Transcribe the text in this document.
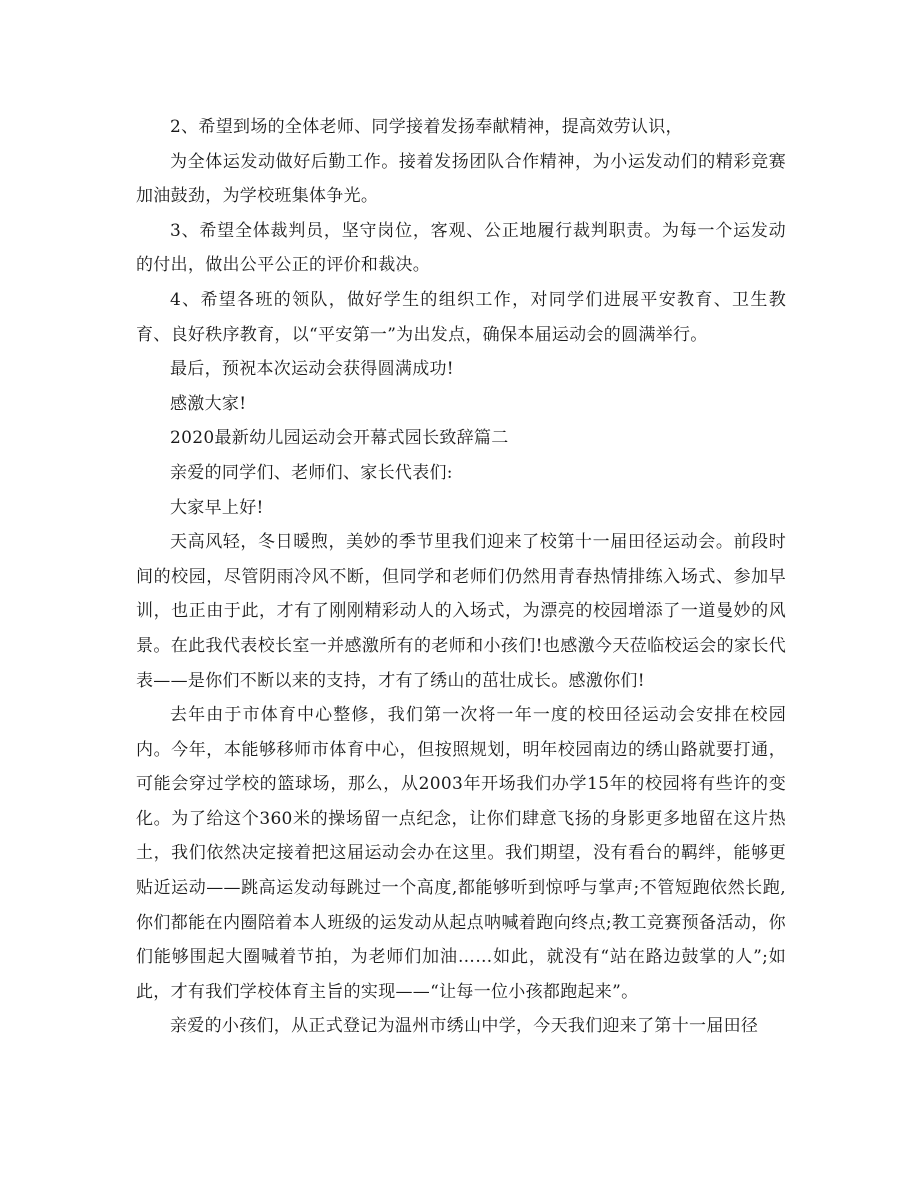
2、希望到场的全体老师、同学接着发扬奉献精神，提高效劳认识，

为全体运发动做好后勤工作。接着发扬团队合作精神，为小运发动们的精彩竞赛加油鼓劲，为学校班集体争光。

3、希望全体裁判员，坚守岗位，客观、公正地履行裁判职责。为每一个运发动的付出，做出公平公正的评价和裁决。

4、希望各班的领队，做好学生的组织工作，对同学们进展平安教育、卫生教育、良好秩序教育，以“平安第一”为出发点，确保本届运动会的圆满举行。

最后，预祝本次运动会获得圆满成功!

感激大家!

2020最新幼儿园运动会开幕式园长致辞篇二

亲爱的同学们、老师们、家长代表们:

大家早上好!

天高风轻，冬日暖煦，美妙的季节里我们迎来了校第十一届田径运动会。前段时间的校园，尽管阴雨冷风不断，但同学和老师们仍然用青春热情排练入场式、参加早训，也正由于此，才有了刚刚精彩动人的入场式，为漂亮的校园增添了一道曼妙的风景。在此我代表校长室一并感激所有的老师和小孩们!也感激今天莅临校运会的家长代表——是你们不断以来的支持，才有了绣山的茁壮成长。感激你们!

去年由于市体育中心整修，我们第一次将一年一度的校田径运动会安排在校园内。今年，本能够移师市体育中心，但按照规划，明年校园南边的绣山路就要打通，可能会穿过学校的篮球场，那么，从2003年开场我们办学15年的校园将有些许的变化。为了给这个360米的操场留一点纪念，让你们肆意飞扬的身影更多地留在这片热土，我们依然决定接着把这届运动会办在这里。我们期望，没有看台的羁绊，能够更贴近运动——跳高运发动每跳过一个高度,都能够听到惊呼与掌声;不管短跑依然长跑,你们都能在内圈陪着本人班级的运发动从起点呐喊着跑向终点;教工竞赛预备活动，你们能够围起大圈喊着节拍，为老师们加油……如此，就没有“站在路边鼓掌的人”;如此，才有我们学校体育主旨的实现——“让每一位小孩都跑起来”。

亲爱的小孩们，从正式登记为温州市绣山中学，今天我们迎来了第十一届田径
